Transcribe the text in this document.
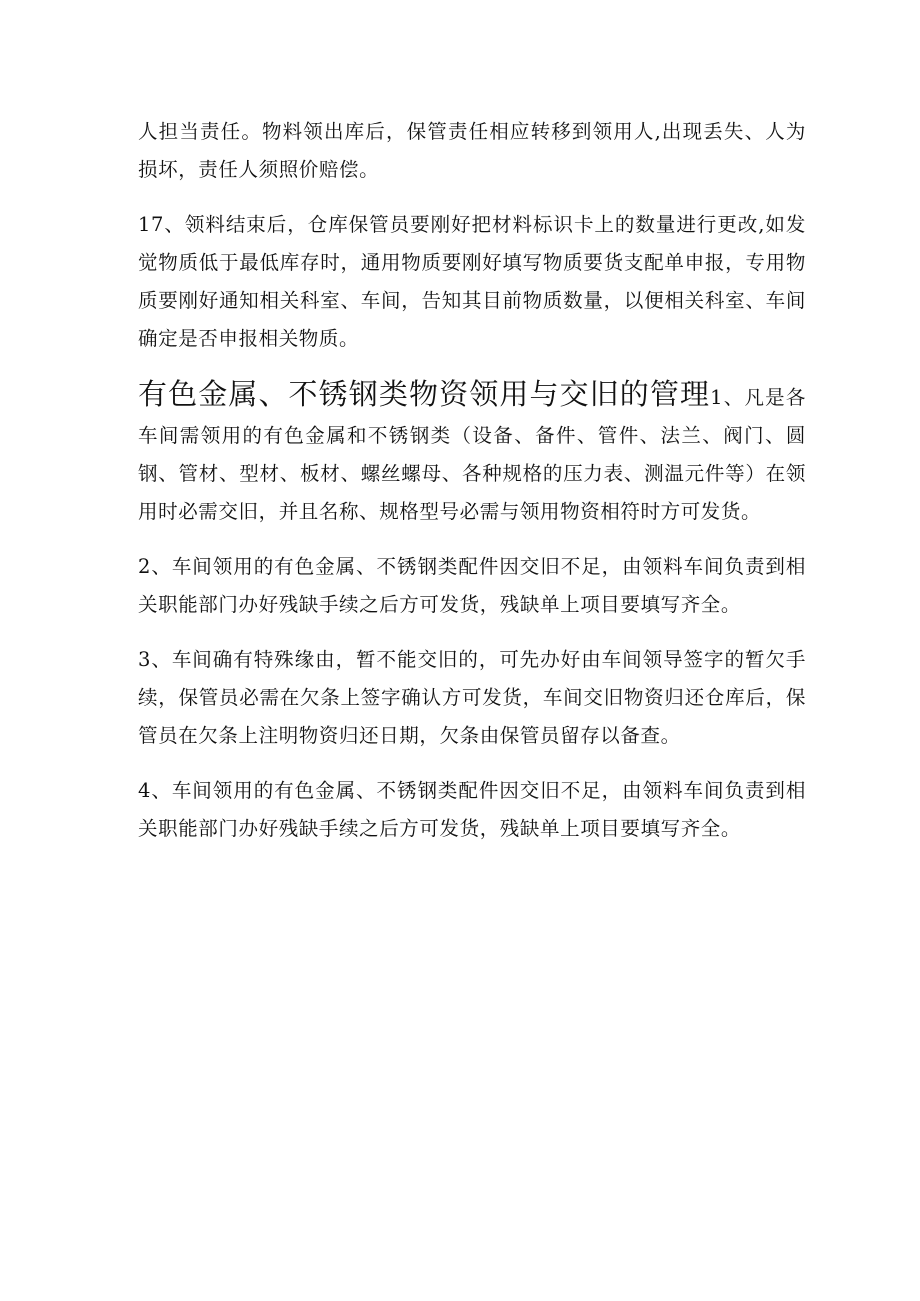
人担当责任。物料领出库后，保管责任相应转移到领用人,出现丢失、人为损坏，责任人须照价赔偿。

17、领料结束后，仓库保管员要刚好把材料标识卡上的数量进行更改,如发觉物质低于最低库存时，通用物质要刚好填写物质要货支配单申报，专用物质要刚好通知相关科室、车间，告知其目前物质数量，以便相关科室、车间确定是否申报相关物质。

有色金属、不锈钢类物资领用与交旧的管理1、凡是各车间需领用的有色金属和不锈钢类（设备、备件、管件、法兰、阀门、圆钢、管材、型材、板材、螺丝螺母、各种规格的压力表、测温元件等）在领用时必需交旧，并且名称、规格型号必需与领用物资相符时方可发货。

2、车间领用的有色金属、不锈钢类配件因交旧不足，由领料车间负责到相关职能部门办好残缺手续之后方可发货，残缺单上项目要填写齐全。

3、车间确有特殊缘由，暂不能交旧的，可先办好由车间领导签字的暂欠手续，保管员必需在欠条上签字确认方可发货，车间交旧物资归还仓库后，保管员在欠条上注明物资归还日期，欠条由保管员留存以备查。

4、车间领用的有色金属、不锈钢类配件因交旧不足，由领料车间负责到相关职能部门办好残缺手续之后方可发货，残缺单上项目要填写齐全。
